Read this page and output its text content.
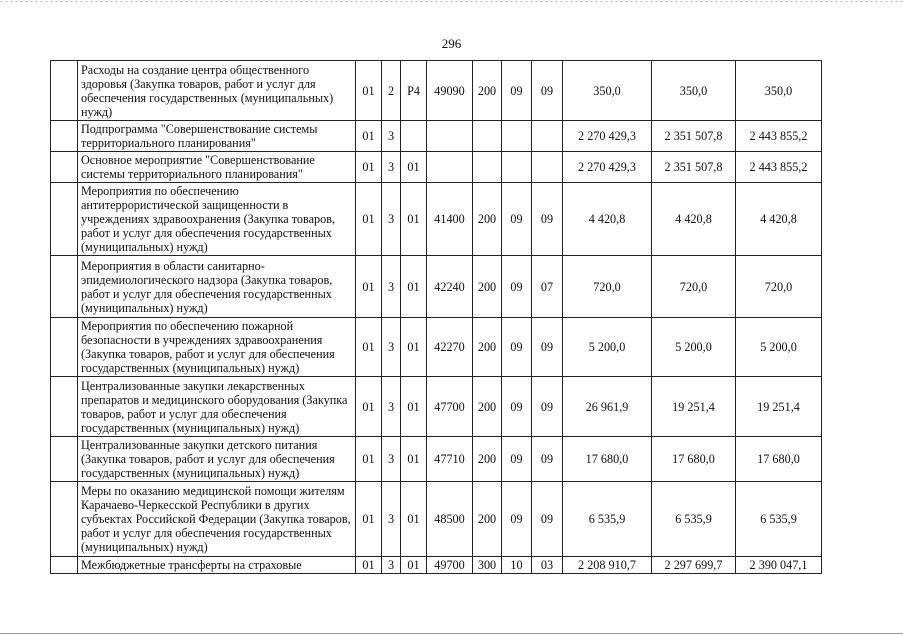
296
	Расходы на создание центра общественного здоровья (Закупка товаров, работ и услуг для обеспечения государственных (муниципальных) нужд)	01	2	P4	49090	200	09	09	350,0	350,0	350,0
	Подпрограмма "Совершенствование системы территориального планирования"	01	3						2 270 429,3	2 351 507,8	2 443 855,2
	Основное мероприятие "Совершенствование системы территориального планирования"	01	3	01					2 270 429,3	2 351 507,8	2 443 855,2
	Мероприятия по обеспечению антитеррористической защищенности в учреждениях здравоохранения (Закупка товаров, работ и услуг для обеспечения государственных (муниципальных) нужд)	01	3	01	41400	200	09	09	4 420,8	4 420,8	4 420,8
	Мероприятия в области санитарно-эпидемиологического надзора (Закупка товаров, работ и услуг для обеспечения государственных (муниципальных) нужд)	01	3	01	42240	200	09	07	720,0	720,0	720,0
	Мероприятия по обеспечению пожарной безопасности в учреждениях здравоохранения (Закупка товаров, работ и услуг для обеспечения государственных (муниципальных) нужд)	01	3	01	42270	200	09	09	5 200,0	5 200,0	5 200,0
	Централизованные закупки лекарственных препаратов и медицинского оборудования (Закупка товаров, работ и услуг для обеспечения государственных (муниципальных) нужд)	01	3	01	47700	200	09	09	26 961,9	19 251,4	19 251,4
	Централизованные закупки детского питания (Закупка товаров, работ и услуг для обеспечения государственных (муниципальных) нужд)	01	3	01	47710	200	09	09	17 680,0	17 680,0	17 680,0
	Меры по оказанию медицинской помощи жителям Карачаево-Черкесской Республики в других субъектах Российской Федерации (Закупка товаров, работ и услуг для обеспечения государственных (муниципальных) нужд)	01	3	01	48500	200	09	09	6 535,9	6 535,9	6 535,9
	Межбюджетные трансферты на страховые	01	3	01	49700	300	10	03	2 208 910,7	2 297 699,7	2 390 047,1
